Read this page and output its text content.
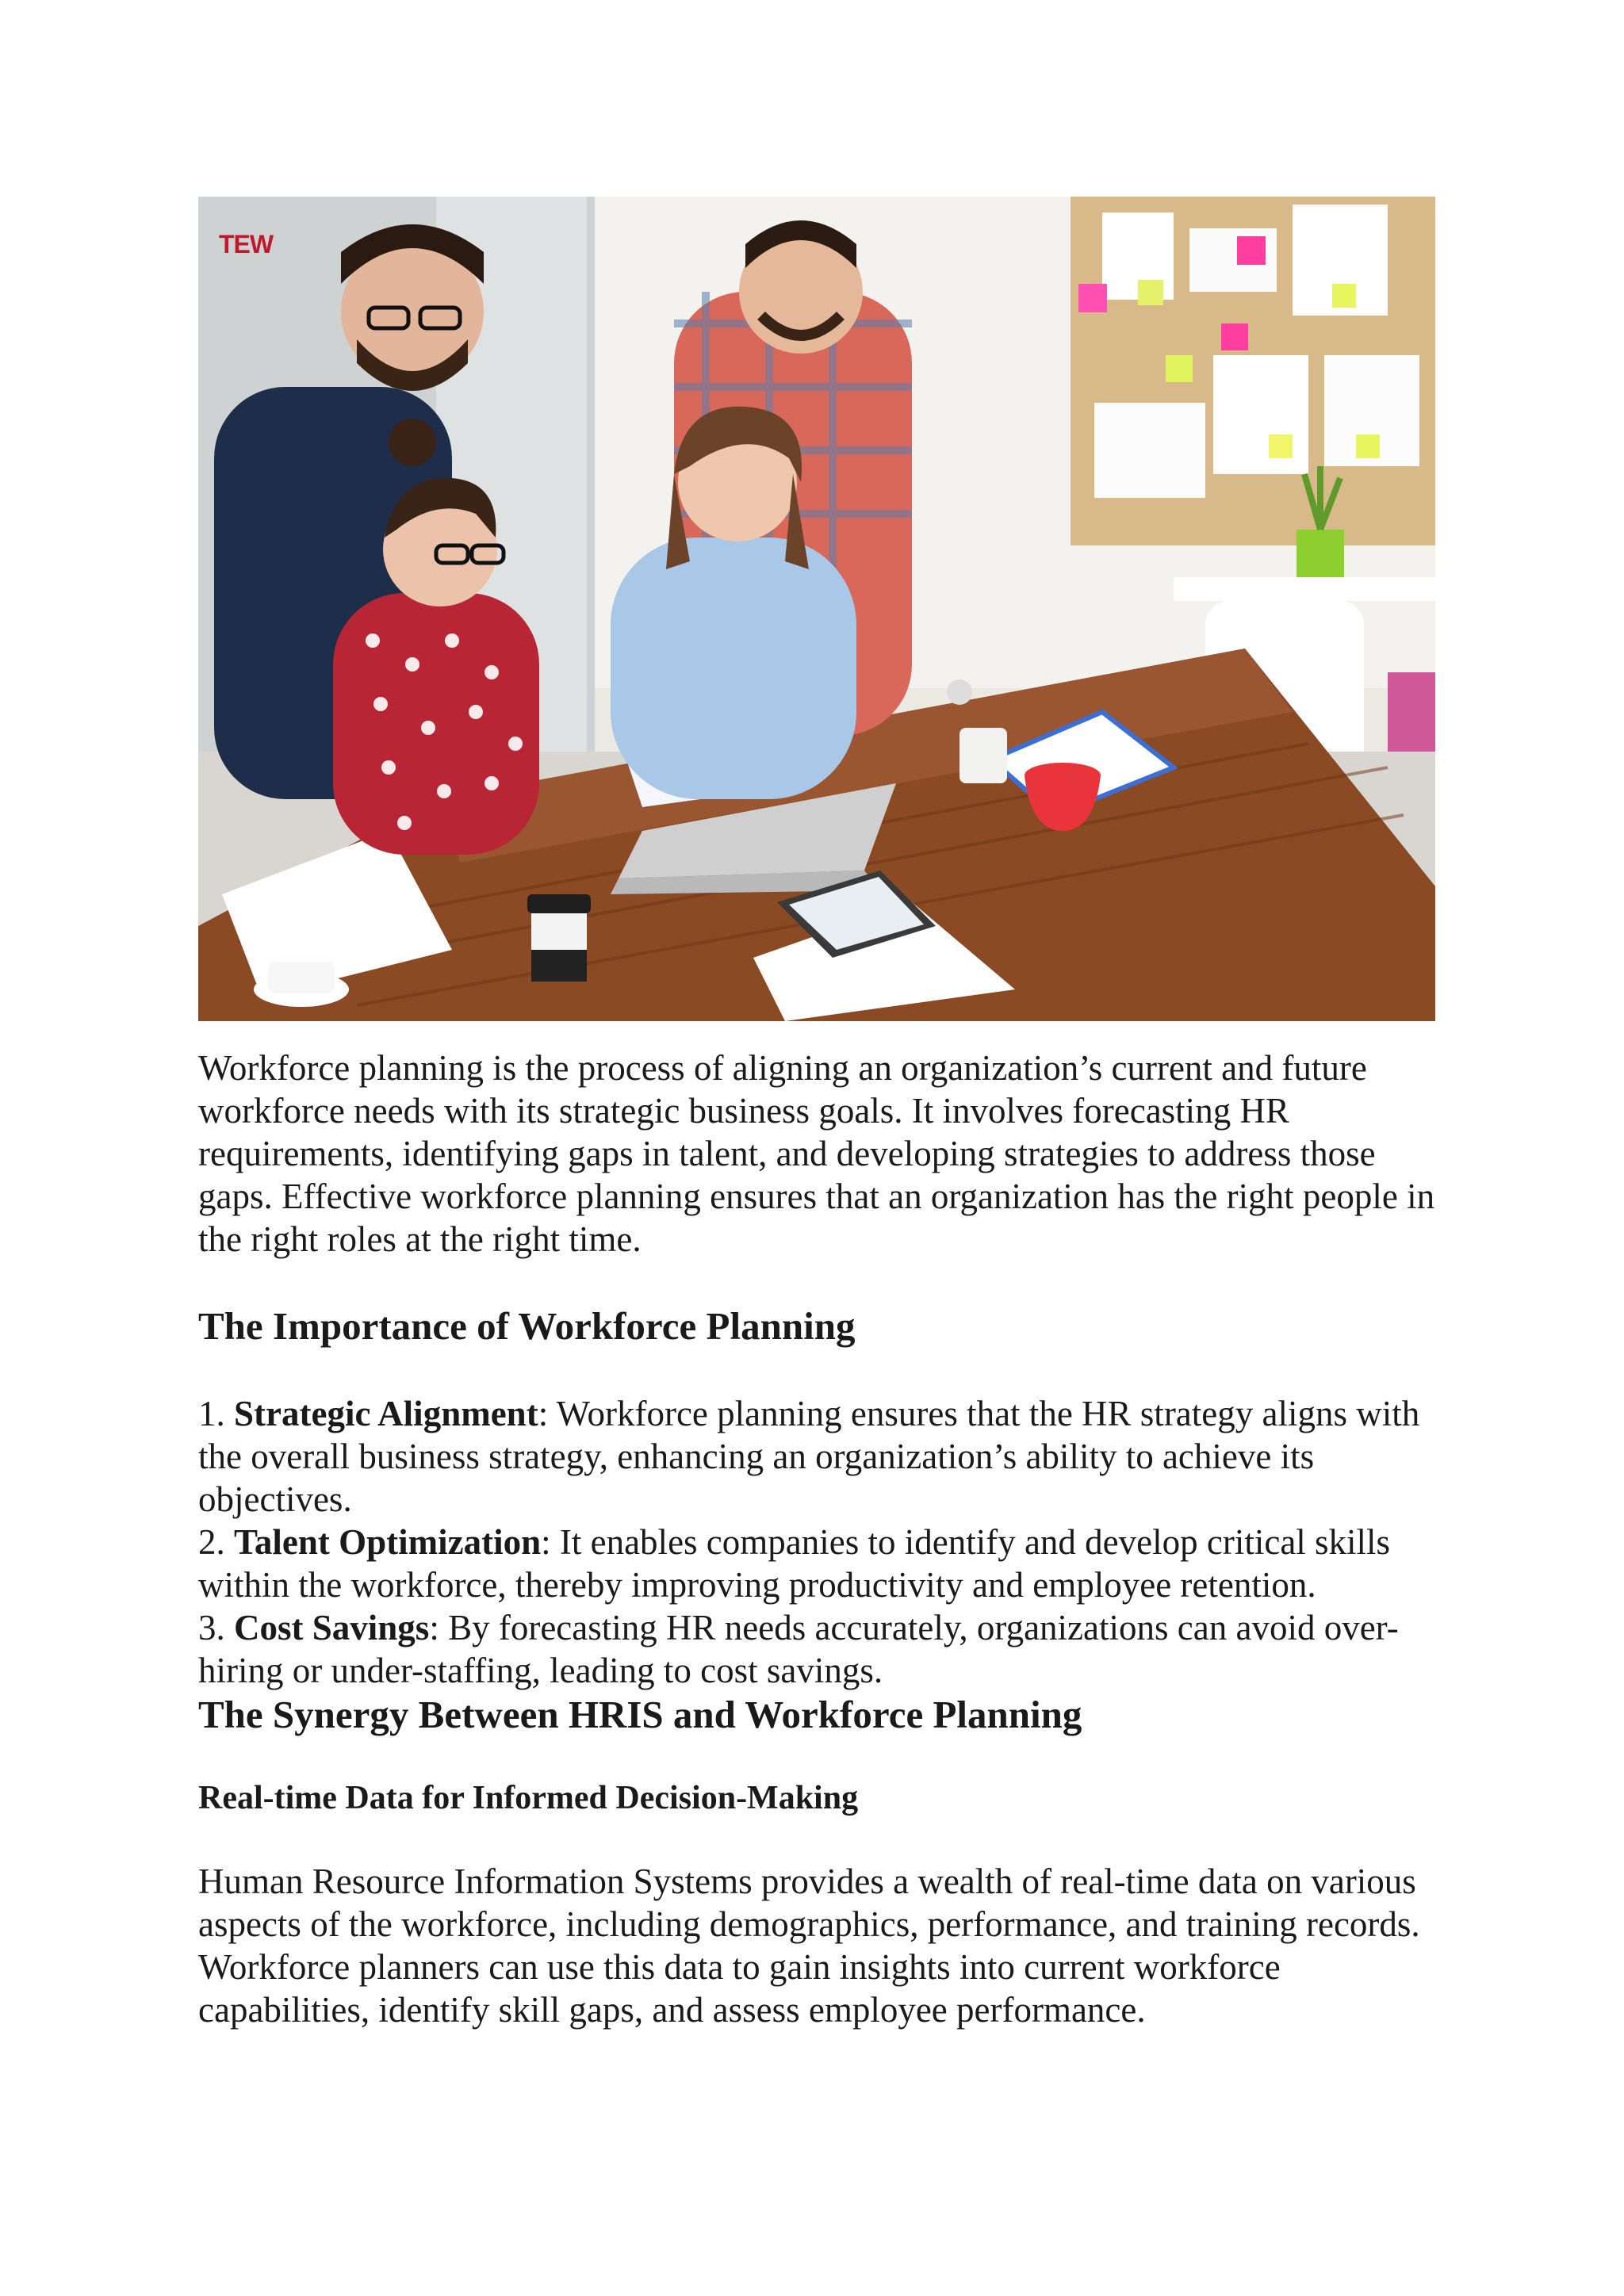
TEW

Workforce planning is the process of aligning an organization’s current and future workforce needs with its strategic business goals. It involves forecasting HR requirements, identifying gaps in talent, and developing strategies to address those gaps. Effective workforce planning ensures that an organization has the right people in the right roles at the right time.

The Importance of Workforce Planning

1. Strategic Alignment: Workforce planning ensures that the HR strategy aligns with the overall business strategy, enhancing an organization’s ability to achieve its objectives.

2. Talent Optimization: It enables companies to identify and develop critical skills within the workforce, thereby improving productivity and employee retention.

3. Cost Savings: By forecasting HR needs accurately, organizations can avoid over-hiring or under-staffing, leading to cost savings.

The Synergy Between HRIS and Workforce Planning
Real-time Data for Informed Decision-Making

Human Resource Information Systems provides a wealth of real-time data on various aspects of the workforce, including demographics, performance, and training records. Workforce planners can use this data to gain insights into current workforce capabilities, identify skill gaps, and assess employee performance.
